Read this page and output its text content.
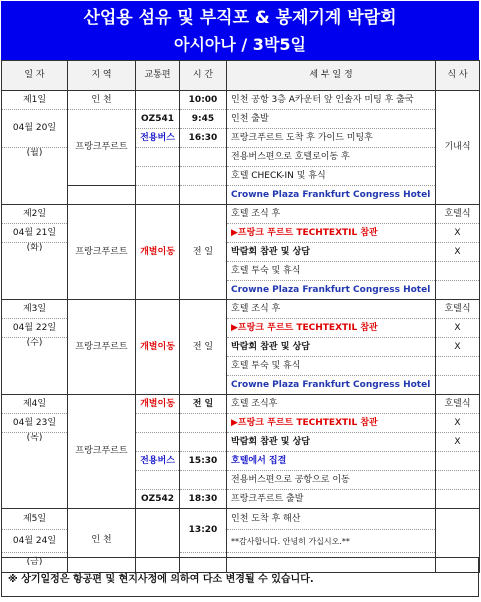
산업용 섬유 및 부직포 & 봉제기계 박람회
아시아나 / 3박5일
일 자	지 역	교통편	시 간	세 부 일 정	식 사
제1일	인 천		10:00	인천 공항 3층 A카운터 앞 인솔자 미팅 후 출국	기내식
04월 20일	프랑크푸르트	OZ541	9:45	인천 출발	
		전용버스	16:30	프랑크푸르트 도착 후 가이드 미팅후	
(월)				전용버스편으로 호텔로이동 후	
				호텔 CHECK-IN 및 휴식	
				Crowne Plaza Frankfurt Congress Hotel	
제2일	프랑크푸르트	개별이동	전 일	호텔 조식 후	호텔식
04월 21일				▶프랑크 푸르트 TECHTEXTIL 참관	X
(화)				박람회 참관 및 상담	X
				호텔 투숙 및 휴식	
				Crowne Plaza Frankfurt Congress Hotel	
제3일	프랑크푸르트	개별이동	전 일	호텔 조식 후	호텔식
04월 22일				▶프랑크 푸르트 TECHTEXTIL 참관	X
(수)				박람회 참관 및 상담	X
				호텔 투숙 및 휴식	
				Crowne Plaza Frankfurt Congress Hotel	
제4일	프랑크푸르트	개별이동	전 일	호텔 조식후	호텔식
04월 23일				▶프랑크 푸르트 TECHTEXTIL 참관	X
(목)				박람회 참관 및 상담	X
		전용버스	15:30	호텔에서 집결	
				전용버스편으로 공항으로 이동	
		OZ542	18:30	프랑크푸르트 출발	
제5일	인 천		13:20	인천 도착 후 해산	
04월 24일				**감사합니다. 안녕히 가십시오.**	
(금)					
※ 상기일정은 항공편 및 현지사정에 의하여 다소 변경될 수 있습니다.
